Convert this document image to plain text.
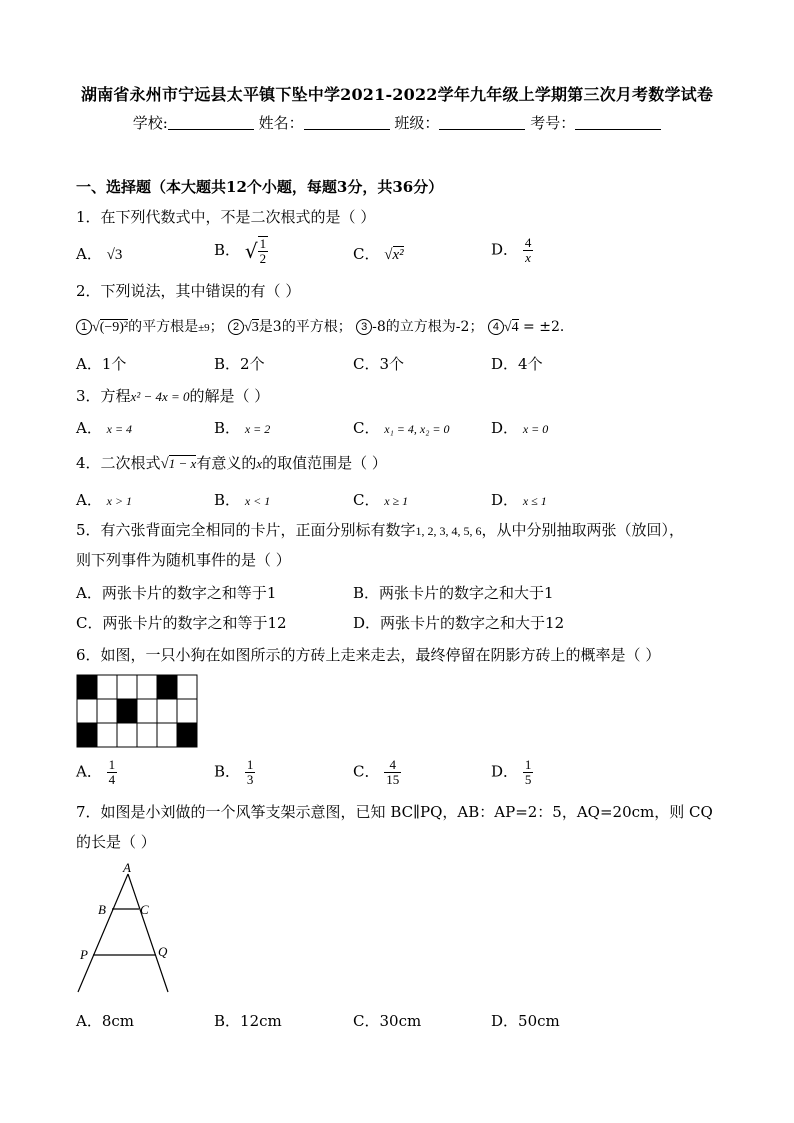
湖南省永州市宁远县太平镇下坠中学2021-2022学年九年级上学期第三次月考数学试卷
学校:	姓名：	班级：	考号：
一、选择题（本大题共12个小题，每题3分，共36分）
1．在下列代数式中，不是二次根式的是（ ）
A． √3	B． √ $\frac{1}{2}$	C． √x²	D． $\frac{4}{x}$
2．下列说法，其中错误的有（ ）
1 √(−9)²的平方根是±9； 2 √3是3的平方根； 3 -8的立方根为-2； 4 √4 = ±2．
A．1个	B．2个	C．3个	D．4个
3．方程x² − 4x = 0的解是（ ）
A． x = 4	B． x = 2	C． x₁ = 4, x₂ = 0	D． x = 0
4．二次根式√1 − x有意义的x的取值范围是（ ）
A． x > 1	B． x < 1	C． x ≥ 1	D． x ≤ 1
5．有六张背面完全相同的卡片，正面分别标有数字1, 2, 3, 4, 5, 6，从中分别抽取两张（放回），
则下列事件为随机事件的是（ ）
A．两张卡片的数字之和等于1	B．两张卡片的数字之和大于1
C．两张卡片的数字之和等于12	D．两张卡片的数字之和大于12
6．如图，一只小狗在如图所示的方砖上走来走去，最终停留在阴影方砖上的概率是（ ）
A． $\frac{1}{4}$	B． $\frac{1}{3}$	C． $\frac{4}{15}$	D． $\frac{1}{5}$
7．如图是小刘做的一个风筝支架示意图，已知 BC∥PQ，AB：AP=2：5，AQ=20cm，则 CQ
的长是（ ）
A
B	C
P	Q
A．8cm	B．12cm	C．30cm	D．50cm
